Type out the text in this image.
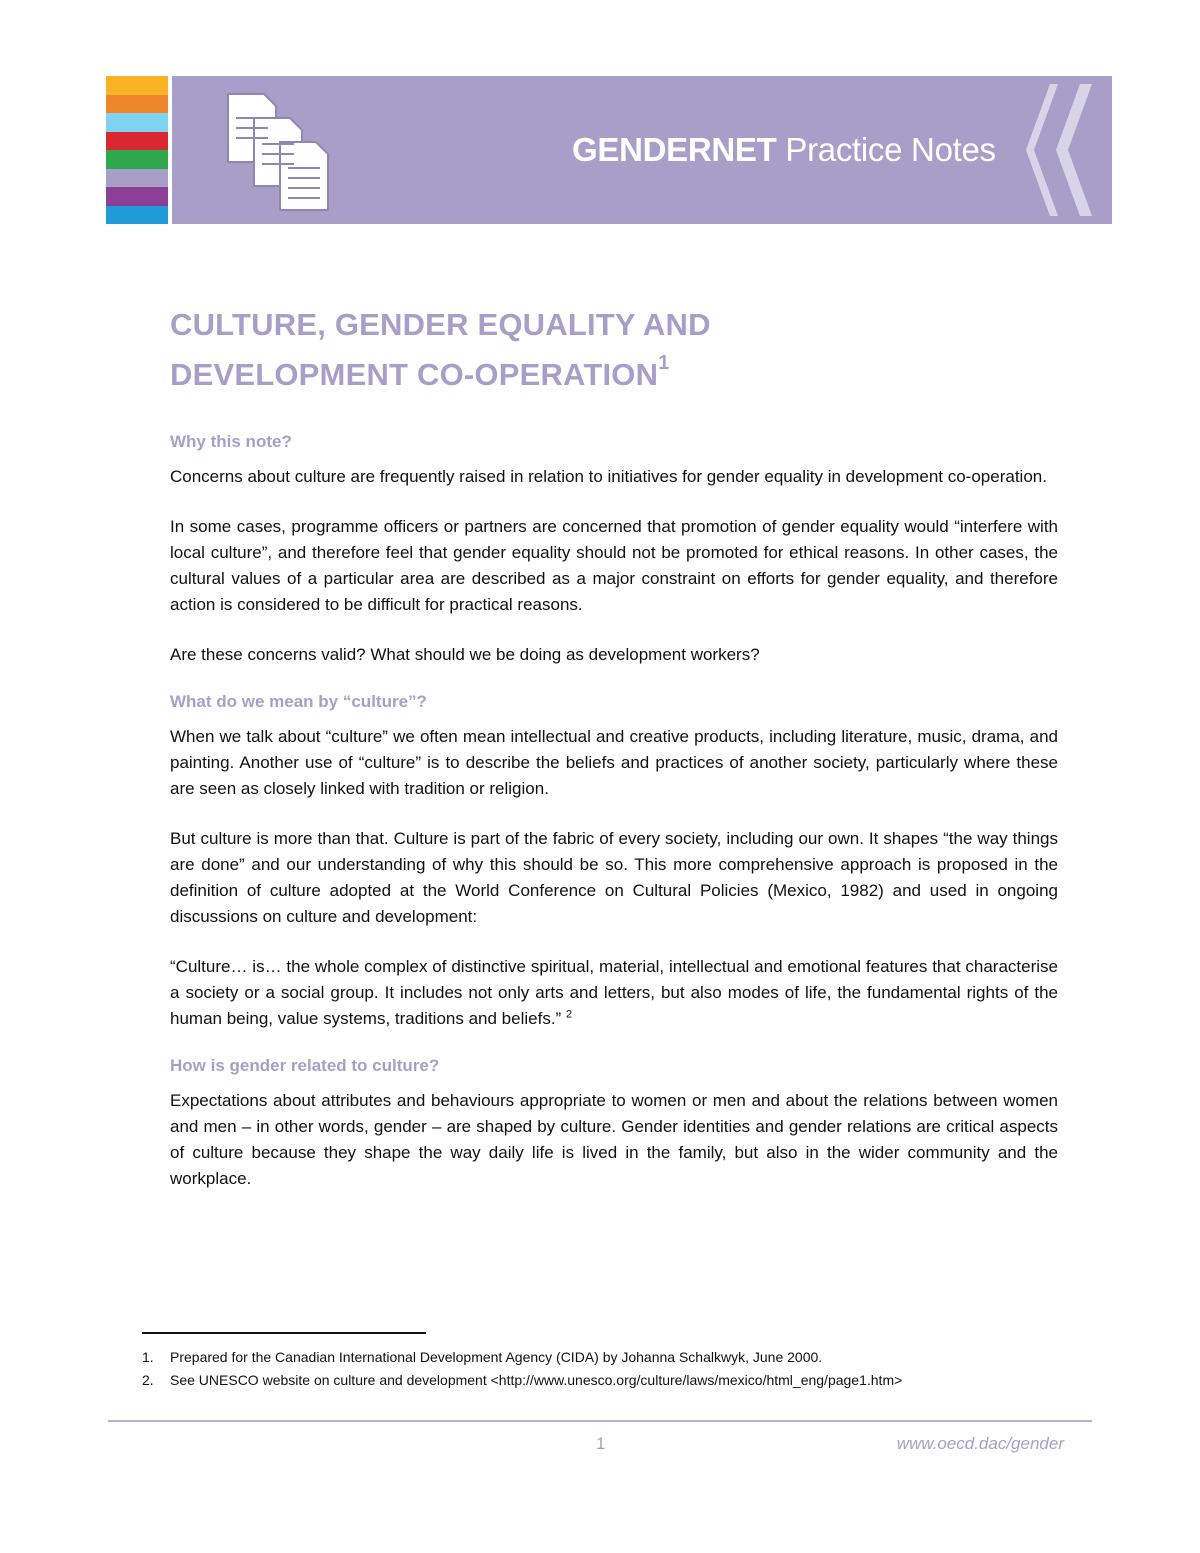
GENDERNET Practice Notes
CULTURE, GENDER EQUALITY AND
DEVELOPMENT CO-OPERATION$^1$
Why this note?

Concerns about culture are frequently raised in relation to initiatives for gender equality in development co-operation.

In some cases, programme officers or partners are concerned that promotion of gender equality would “interfere with local culture”, and therefore feel that gender equality should not be promoted for ethical reasons. In other cases, the cultural values of a particular area are described as a major constraint on efforts for gender equality, and therefore action is considered to be difficult for practical reasons.

Are these concerns valid? What should we be doing as development workers?

What do we mean by “culture”?

When we talk about “culture” we often mean intellectual and creative products, including literature, music, drama, and painting. Another use of “culture” is to describe the beliefs and practices of another society, particularly where these are seen as closely linked with tradition or religion.

But culture is more than that. Culture is part of the fabric of every society, including our own. It shapes “the way things are done” and our understanding of why this should be so. This more comprehensive approach is proposed in the definition of culture adopted at the World Conference on Cultural Policies (Mexico, 1982) and used in ongoing discussions on culture and development:

“Culture… is… the whole complex of distinctive spiritual, material, intellectual and emotional features that characterise a society or a social group. It includes not only arts and letters, but also modes of life, the fundamental rights of the human being, value systems, traditions and beliefs.” $^2$

How is gender related to culture?

Expectations about attributes and behaviours appropriate to women or men and about the relations between women and men – in other words, gender – are shaped by culture. Gender identities and gender relations are critical aspects of culture because they shape the way daily life is lived in the family, but also in the wider community and the workplace.

1.	Prepared for the Canadian International Development Agency (CIDA) by Johanna Schalkwyk, June 2000.
2.	See UNESCO website on culture and development <http://www.unesco.org/culture/laws/mexico/html_eng/page1.htm>
1	www.oecd.dac/gender
